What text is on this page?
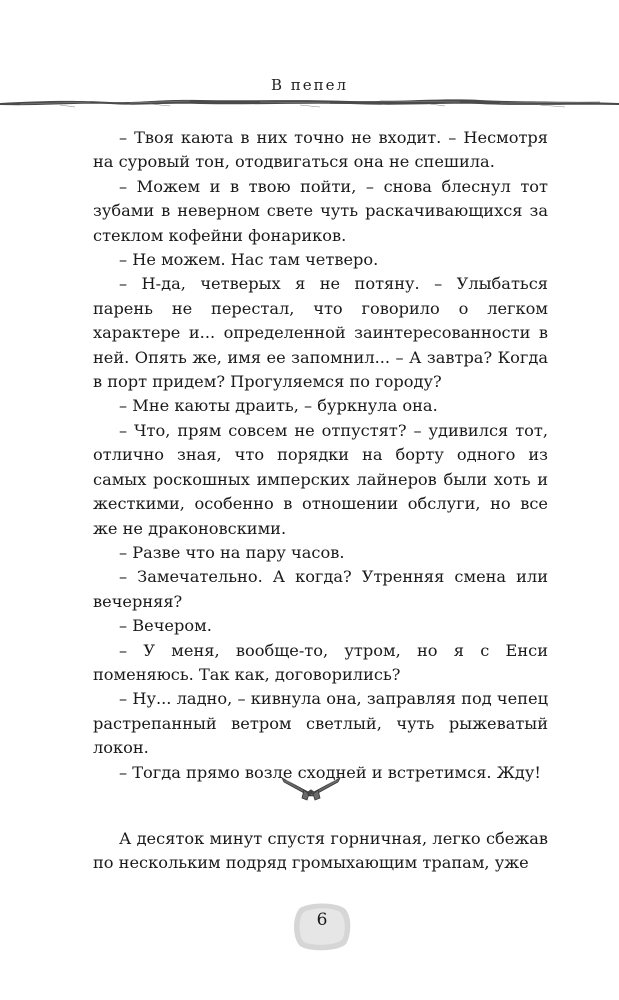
В пепел

– Твоя каюта в них точно не входит. – Несмотря на суровый тон, отодвигаться она не спешила.

– Можем и в твою пойти, – снова блеснул тот зубами в неверном свете чуть раскачивающихся за стеклом кофейни фонариков.

– Не можем. Нас там четверо.

– Н-да, четверых я не потяну. – Улыбаться парень не перестал, что говорило о легком характере и... определенной заинтересованности в ней. Опять же, имя ее запомнил... – А завтра? Когда в порт придем? Прогуляемся по городу?

– Мне каюты драить, – буркнула она.

– Что, прям совсем не отпустят? – удивился тот, отлично зная, что порядки на борту одного из самых роскошных имперских лайнеров были хоть и жесткими, особенно в отношении обслуги, но все же не драконовскими.

– Разве что на пару часов.

– Замечательно. А когда? Утренняя смена или вечерняя?

– Вечером.

– У меня, вообще-то, утром, но я с Енси поменяюсь. Так как, договорились?

– Ну... ладно, – кивнула она, заправляя под чепец растрепанный ветром светлый, чуть рыжеватый локон.

– Тогда прямо возле сходней и встретимся. Жду!

А десяток минут спустя горничная, легко сбежав по нескольким подряд громыхающим трапам, уже

6
